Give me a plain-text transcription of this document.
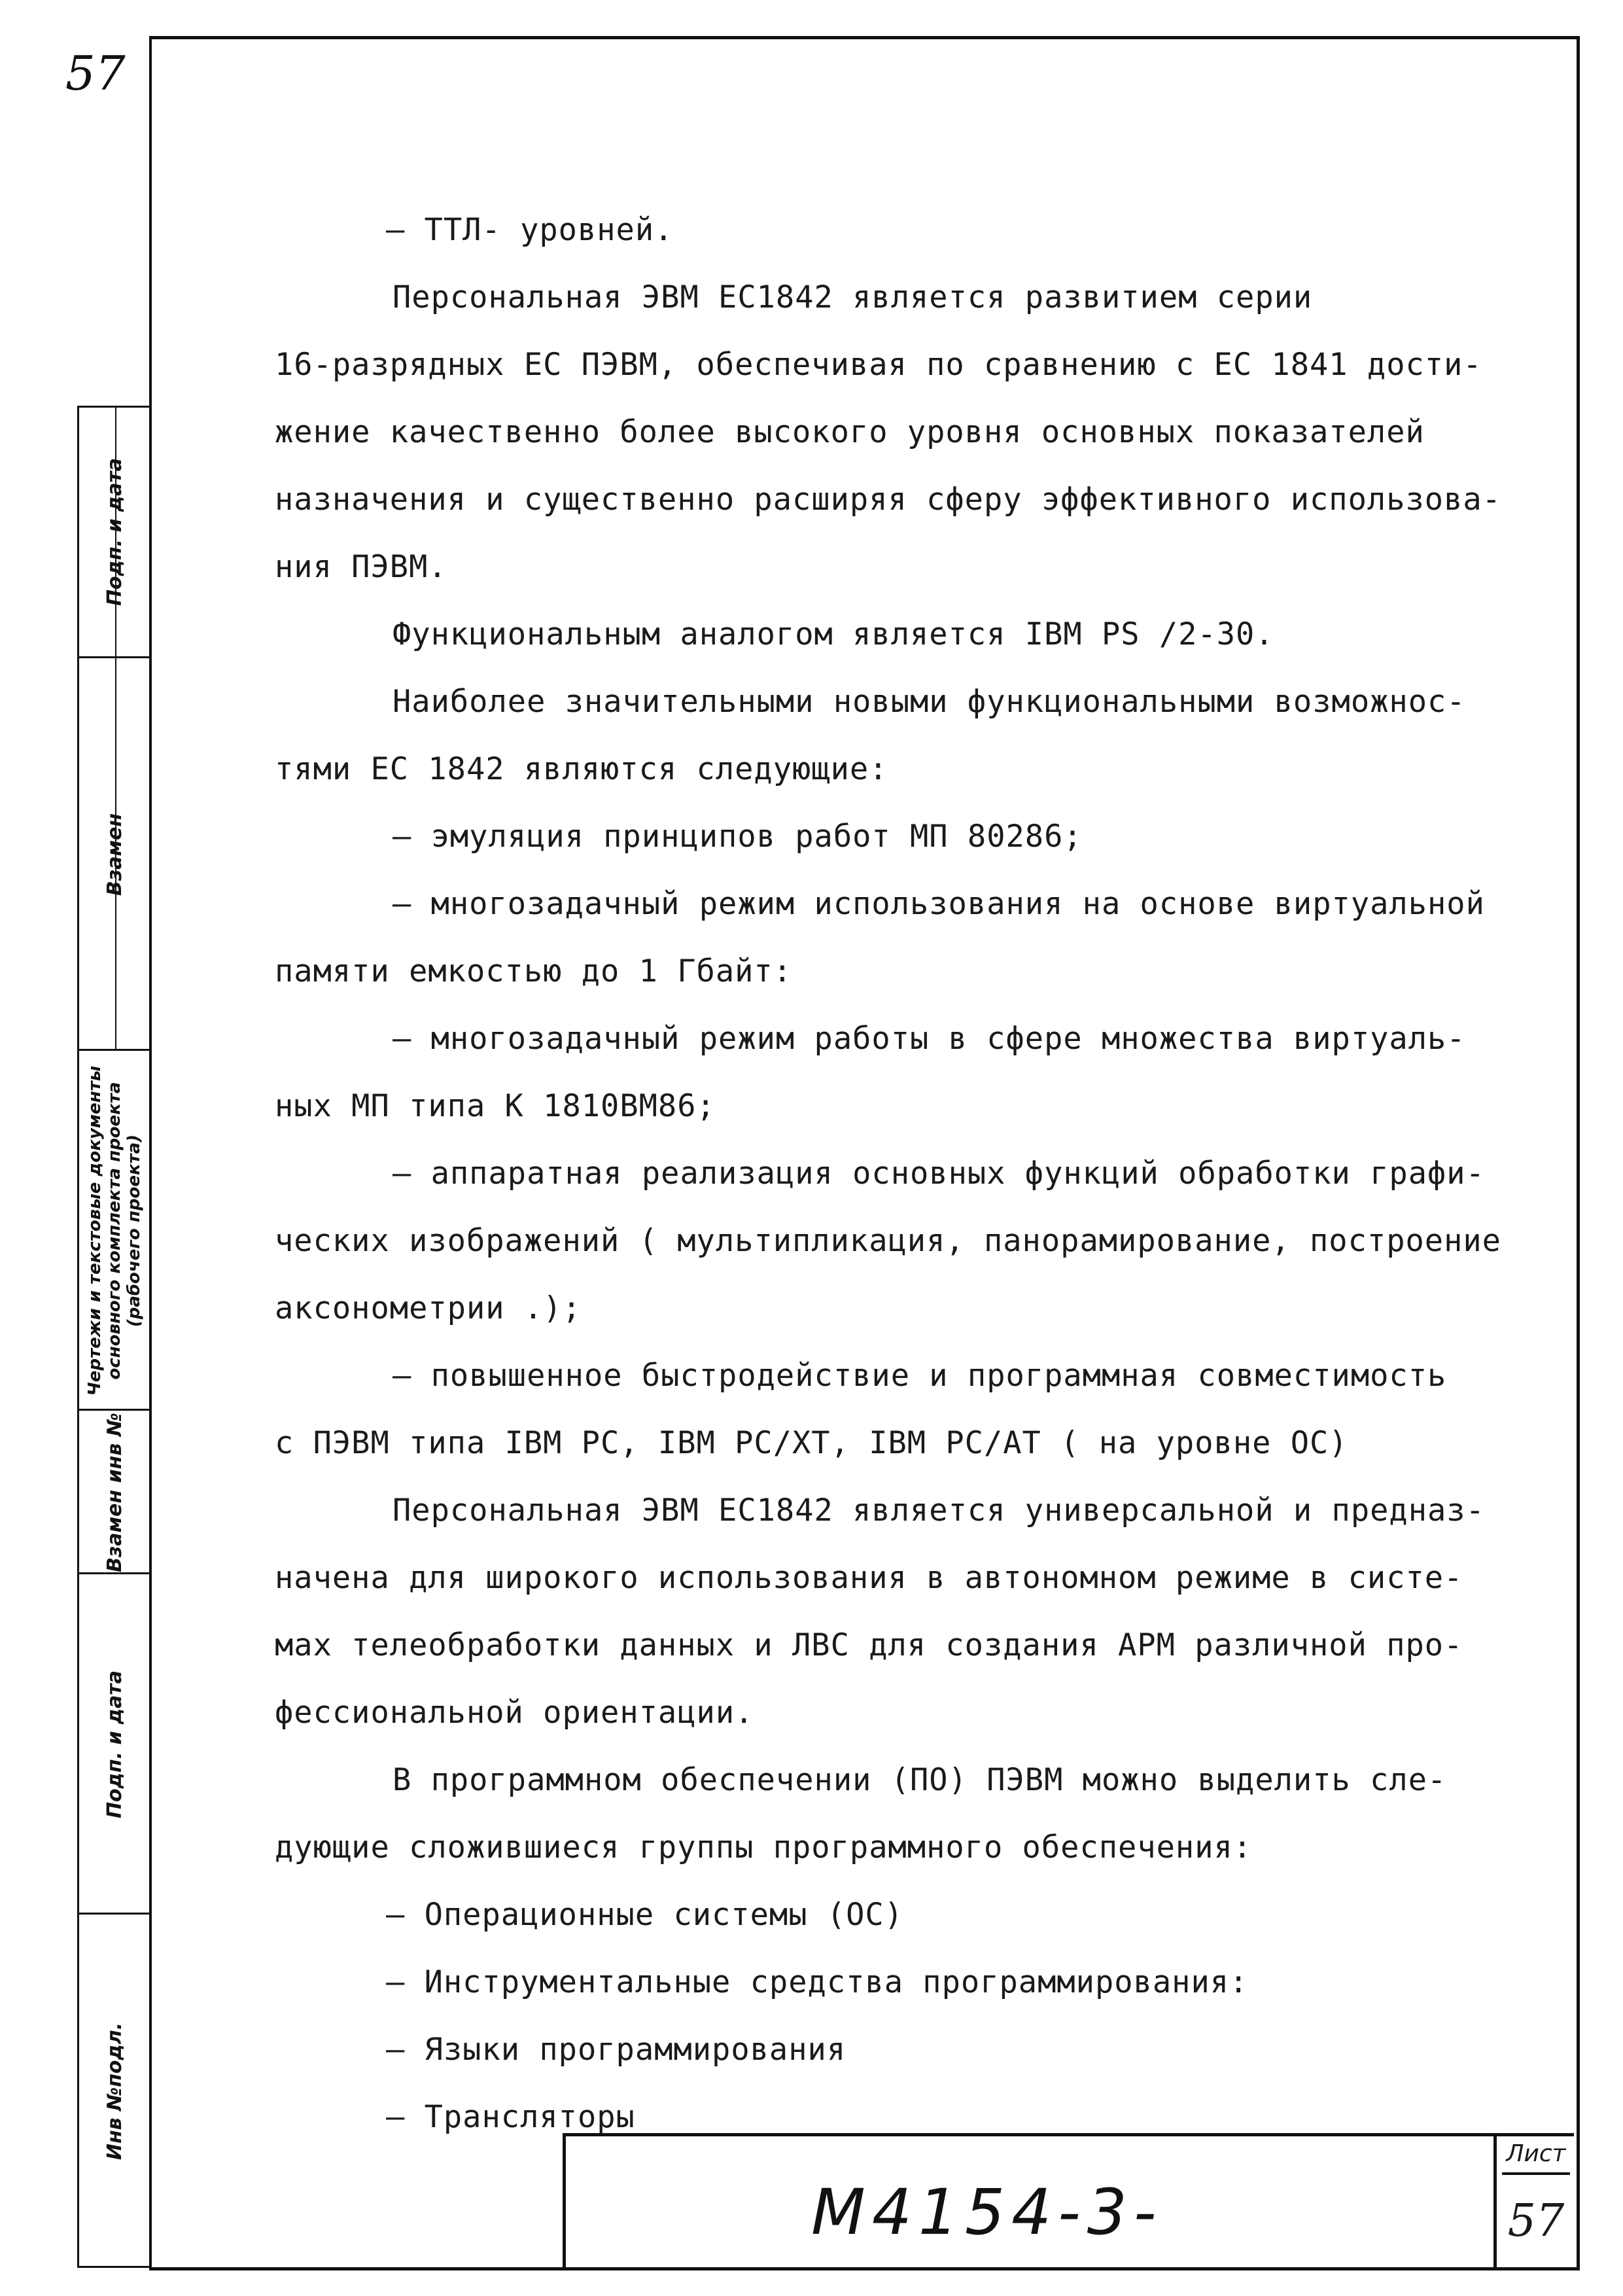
57
Инв №подл.
Подп. и дата
Взамен инв №
Чертежи и текстовые документы основного комплекта проекта (рабочего проекта)
Взамен
Подп. и дата
– ТТЛ- уровней.
Персональная ЭВМ ЕС1842 является развитием серии
16-разрядных ЕС ПЭВМ, обеспечивая по сравнению с ЕС 1841 дости-
жение качественно более высокого уровня основных показателей
назначения и существенно расширяя сферу эффективного использова-
ния ПЭВМ.
Функциональным аналогом является IBM PS /2-30.
Наиболее значительными новыми функциональными возможнос-
тями ЕС 1842 являются следующие:
– эмуляция принципов работ МП 80286;
– многозадачный режим использования на основе виртуальной
памяти емкостью до 1 Гбайт:
– многозадачный режим работы в сфере множества виртуаль-
ных МП типа К 1810ВМ86;
– аппаратная реализация основных функций обработки графи-
ческих изображений ( мультипликация, панорамирование, построение
аксонометрии .);
– повышенное быстродействие и программная совместимость
с ПЭВМ типа IBM PC, IBM PC/XT, IBM PC/AT ( на уровне ОС)
Персональная ЭВМ ЕС1842 является универсальной и предназ-
начена для широкого использования в автономном режиме в систе-
мах телеобработки данных и ЛВС для создания АРМ различной про-
фессиональной ориентации.
В программном обеспечении (ПО) ПЭВМ можно выделить сле-
дующие сложившиеся группы программного обеспечения:
– Операционные системы (ОС)
– Инструментальные средства программирования:
– Языки программирования
– Трансляторы
М4154-3-
Лист
57
